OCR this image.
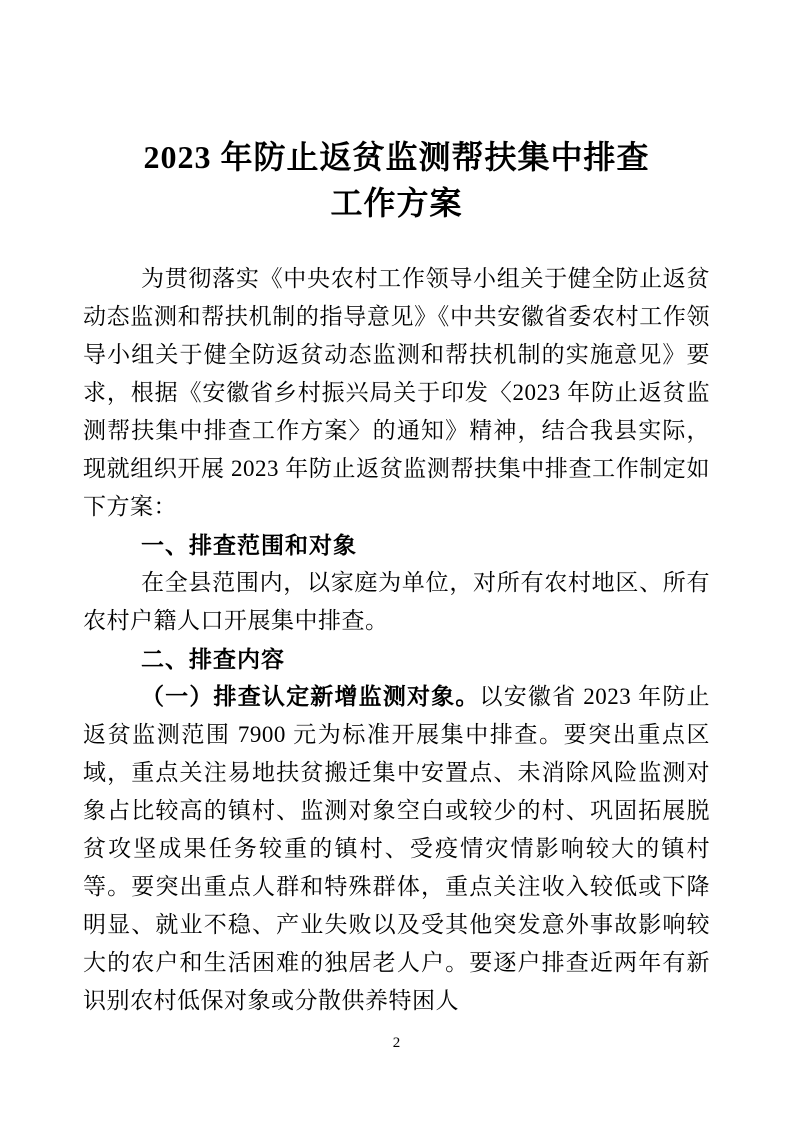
2023 年防止返贫监测帮扶集中排查
工作方案

为贯彻落实《中央农村工作领导小组关于健全防止返贫动态监测和帮扶机制的指导意见》《中共安徽省委农村工作领导小组关于健全防返贫动态监测和帮扶机制的实施意见》要求，根据《安徽省乡村振兴局关于印发〈2023 年防止返贫监测帮扶集中排查工作方案〉的通知》精神，结合我县实际，现就组织开展 2023 年防止返贫监测帮扶集中排查工作制定如下方案：

一、排查范围和对象

在全县范围内，以家庭为单位，对所有农村地区、所有农村户籍人口开展集中排查。

二、排查内容

（一）排查认定新增监测对象。以安徽省 2023 年防止返贫监测范围 7900 元为标准开展集中排查。要突出重点区域，重点关注易地扶贫搬迁集中安置点、未消除风险监测对象占比较高的镇村、监测对象空白或较少的村、巩固拓展脱贫攻坚成果任务较重的镇村、受疫情灾情影响较大的镇村等。要突出重点人群和特殊群体，重点关注收入较低或下降明显、就业不稳、产业失败以及受其他突发意外事故影响较大的农户和生活困难的独居老人户。要逐户排查近两年有新识别农村低保对象或分散供养特困人

2
